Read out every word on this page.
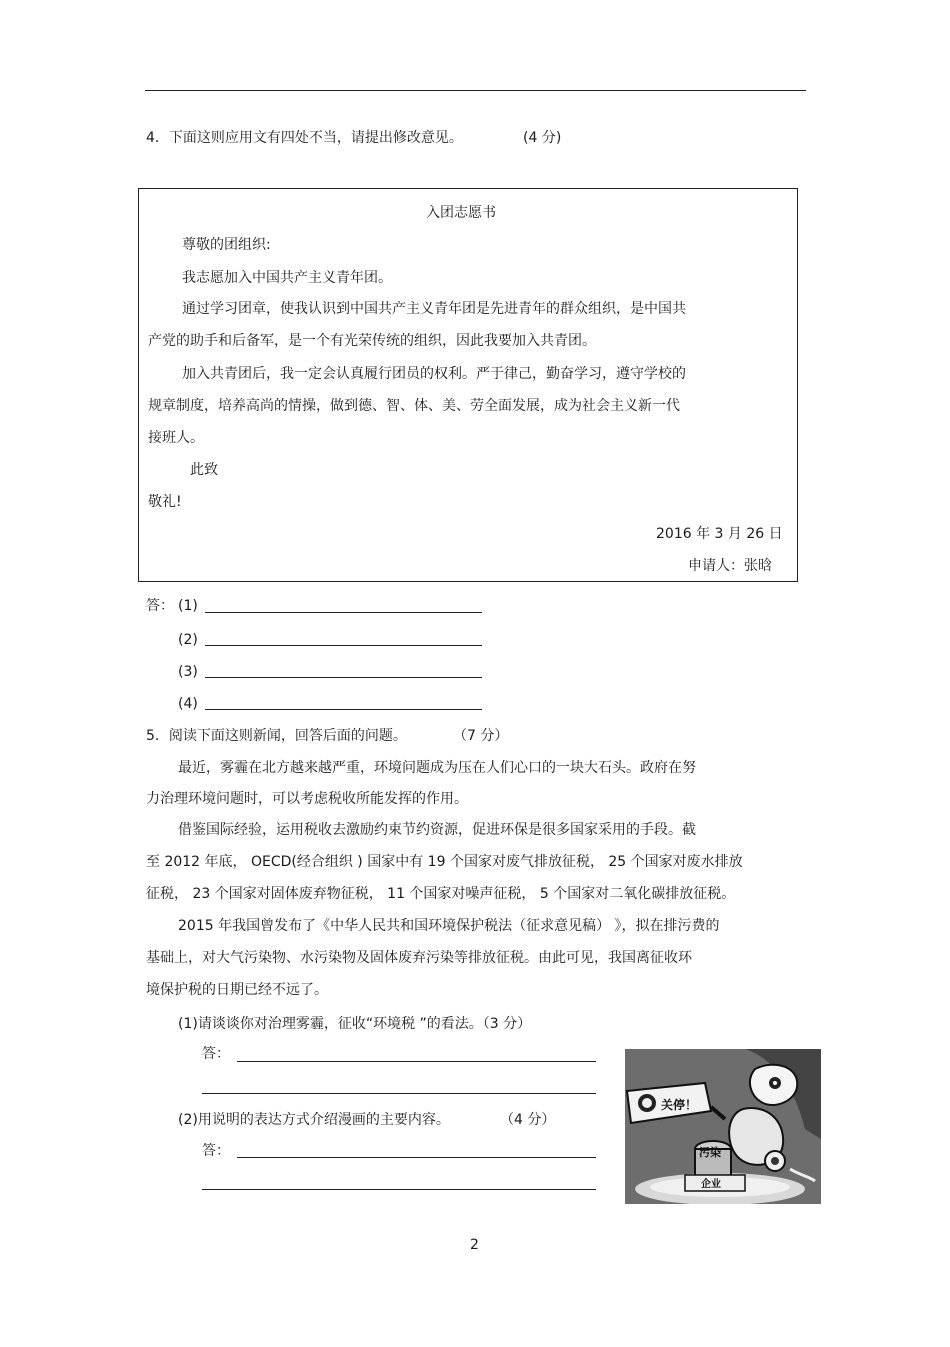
4．下面这则应用文有四处不当，请提出修改意见。	(4 分)
入团志愿书
尊敬的团组织:
我志愿加入中国共产主义青年团。
通过学习团章，使我认识到中国共产主义青年团是先进青年的群众组织，是中国共
产党的助手和后备军，是一个有光荣传统的组织，因此我要加入共青团。
加入共青团后，我一定会认真履行团员的权利。严于律己，勤奋学习，遵守学校的
规章制度，培养高尚的情操，做到德、智、体、美、劳全面发展，成为社会主义新一代
接班人。
此致
敬礼!
2016 年 3 月 26 日
申请人：张晗
答： (1)
(2)
(3)
(4)
5．阅读下面这则新闻，回答后面的问题。	（7 分）
最近，雾霾在北方越来越严重，环境问题成为压在人们心口的一块大石头。政府在努
力治理环境问题时，可以考虑税收所能发挥的作用。
借鉴国际经验，运用税收去激励约束节约资源，促进环保是很多国家采用的手段。截
至 2012 年底， OECD(经合组织 ) 国家中有 19 个国家对废气排放征税， 25 个国家对废水排放
征税， 23 个国家对固体废弃物征税， 11 个国家对噪声征税， 5 个国家对二氧化碳排放征税。
2015 年我国曾发布了《中华人民共和国环境保护税法（征求意见稿） 》，拟在排污费的
基础上，对大气污染物、水污染物及固体废弃污染等排放征税。由此可见，我国离征收环
境保护税的日期已经不远了。
(1)请谈谈你对治理雾霾，征收“环境税 ”的看法。（3 分）
答：
(2)用说明的表达方式介绍漫画的主要内容。	（4 分）
答：
关停！
污染
企业
2
